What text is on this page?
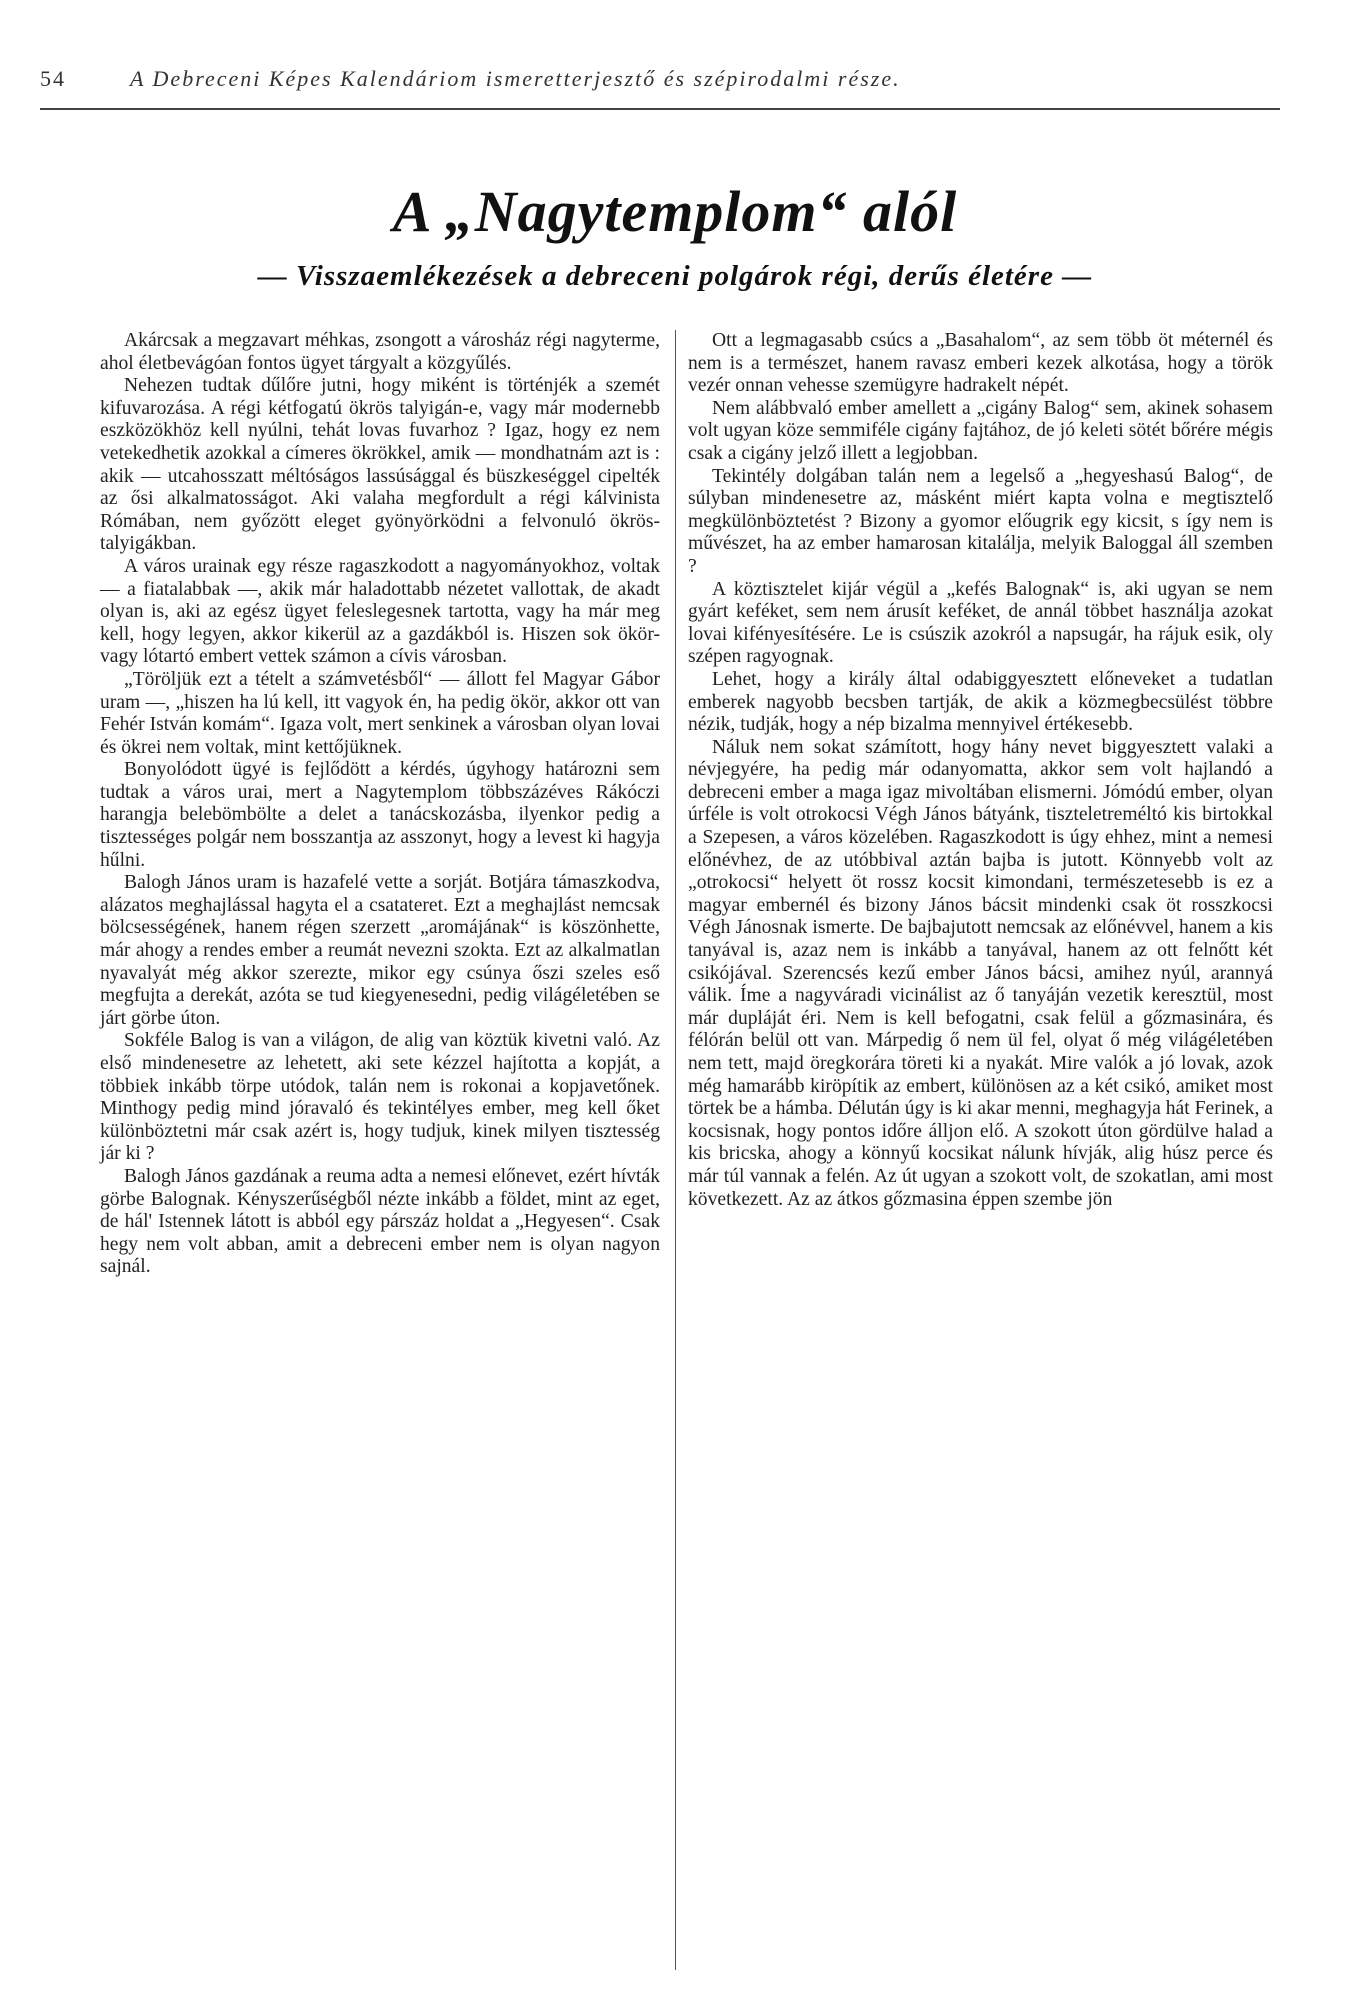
54	A Debreceni Képes Kalendáriom ismeretterjesztő és szépirodalmi része.
A „Nagytemplom“ alól
— Visszaemlékezések a debreceni polgárok régi, derűs életére —

Akárcsak a megzavart méhkas, zsongott a városház régi nagyterme, ahol életbevágóan fontos ügyet tárgyalt a közgyűlés.

Nehezen tudtak dűlőre jutni, hogy miként is történjék a szemét kifuvarozása. A régi kétfogatú ökrös talyigán-e, vagy már modernebb eszközökhöz kell nyúlni, tehát lovas fuvarhoz ? Igaz, hogy ez nem vetekedhetik azokkal a címeres ökrökkel, amik — mondhatnám azt is : akik — utcahosszatt méltóságos lassúsággal és büszkeséggel cipelték az ősi alkalmatosságot. Aki valaha megfordult a régi kálvinista Rómában, nem győzött eleget gyönyörködni a felvonuló ökrös-talyigákban.

A város urainak egy része ragaszkodott a nagyományokhoz, voltak — a fiatalabbak —, akik már haladottabb nézetet vallottak, de akadt olyan is, aki az egész ügyet feleslegesnek tartotta, vagy ha már meg kell, hogy legyen, akkor kikerül az a gazdákból is. Hiszen sok ökör- vagy lótartó embert vettek számon a cívis városban.

„Töröljük ezt a tételt a számvetésből“ — állott fel Magyar Gábor uram —, „hiszen ha lú kell, itt vagyok én, ha pedig ökör, akkor ott van Fehér István komám“. Igaza volt, mert senkinek a városban olyan lovai és ökrei nem voltak, mint kettőjüknek.

Bonyolódott ügyé is fejlődött a kérdés, úgyhogy határozni sem tudtak a város urai, mert a Nagytemplom többszázéves Rákóczi harangja belebömbölte a delet a tanácskozásba, ilyenkor pedig a tisztességes polgár nem bosszantja az asszonyt, hogy a levest ki hagyja hűlni.

Balogh János uram is hazafelé vette a sorját. Botjára támaszkodva, alázatos meghajlással hagyta el a csatateret. Ezt a meghajlást nemcsak bölcsességének, hanem régen szerzett „aromájának“ is köszönhette, már ahogy a rendes ember a reumát nevezni szokta. Ezt az alkalmatlan nyavalyát még akkor szerezte, mikor egy csúnya őszi szeles eső megfujta a derekát, azóta se tud kiegyenesedni, pedig világéletében se járt görbe úton.

Sokféle Balog is van a világon, de alig van köztük kivetni való. Az első mindenesetre az lehetett, aki sete kézzel hajította a kopját, a többiek inkább törpe utódok, talán nem is rokonai a kopjavetőnek. Minthogy pedig mind jóravaló és tekintélyes ember, meg kell őket különböztetni már csak azért is, hogy tudjuk, kinek milyen tisztesség jár ki ?

Balogh János gazdának a reuma adta a nemesi előnevet, ezért hívták görbe Balognak. Kényszerűségből nézte inkább a földet, mint az eget, de hál' Istennek látott is abból egy párszáz holdat a „Hegyesen“. Csak hegy nem volt abban, amit a debreceni ember nem is olyan nagyon sajnál.

Ott a legmagasabb csúcs a „Basahalom“, az sem több öt méternél és nem is a természet, hanem ravasz emberi kezek alkotása, hogy a török vezér onnan vehesse szemügyre hadrakelt népét.

Nem alábbvaló ember amellett a „cigány Balog“ sem, akinek sohasem volt ugyan köze semmiféle cigány fajtához, de jó keleti sötét bőrére mégis csak a cigány jelző illett a legjobban.

Tekintély dolgában talán nem a legelső a „hegyeshasú Balog“, de súlyban mindenesetre az, másként miért kapta volna e megtisztelő megkülönböztetést ? Bizony a gyomor előugrik egy kicsit, s így nem is művészet, ha az ember hamarosan kitalálja, melyik Baloggal áll szemben ?

A köztisztelet kijár végül a „kefés Balognak“ is, aki ugyan se nem gyárt keféket, sem nem árusít keféket, de annál többet használja azokat lovai kifényesítésére. Le is csúszik azokról a napsugár, ha rájuk esik, oly szépen ragyognak.

Lehet, hogy a király által odabiggyesztett előneveket a tudatlan emberek nagyobb becsben tartják, de akik a közmegbecsülést többre nézik, tudják, hogy a nép bizalma mennyivel értékesebb.

Náluk nem sokat számított, hogy hány nevet biggyesztett valaki a névjegyére, ha pedig már odanyomatta, akkor sem volt hajlandó a debreceni ember a maga igaz mivoltában elismerni. Jómódú ember, olyan úrféle is volt otrokocsi Végh János bátyánk, tiszteletreméltó kis birtokkal a Szepesen, a város közelében. Ragaszkodott is úgy ehhez, mint a nemesi előnévhez, de az utóbbival aztán bajba is jutott. Könnyebb volt az „otrokocsi“ helyett öt rossz kocsit kimondani, természetesebb is ez a magyar embernél és bizony János bácsit mindenki csak öt rosszkocsi Végh Jánosnak ismerte. De bajbajutott nemcsak az előnévvel, hanem a kis tanyával is, azaz nem is inkább a tanyával, hanem az ott felnőtt két csikójával. Szerencsés kezű ember János bácsi, amihez nyúl, arannyá válik. Íme a nagyváradi vicinálist az ő tanyáján vezetik keresztül, most már dupláját éri. Nem is kell befogatni, csak felül a gőzmasinára, és félórán belül ott van. Márpedig ő nem ül fel, olyat ő még világéletében nem tett, majd öregkorára töreti ki a nyakát. Mire valók a jó lovak, azok még hamarább kiröpítik az embert, különösen az a két csikó, amiket most törtek be a hámba. Délután úgy is ki akar menni, meghagyja hát Ferinek, a kocsisnak, hogy pontos időre álljon elő. A szokott úton gördülve halad a kis bricska, ahogy a könnyű kocsikat nálunk hívják, alig húsz perce és már túl vannak a felén. Az út ugyan a szokott volt, de szokatlan, ami most következett. Az az átkos gőzmasina éppen szembe jön
